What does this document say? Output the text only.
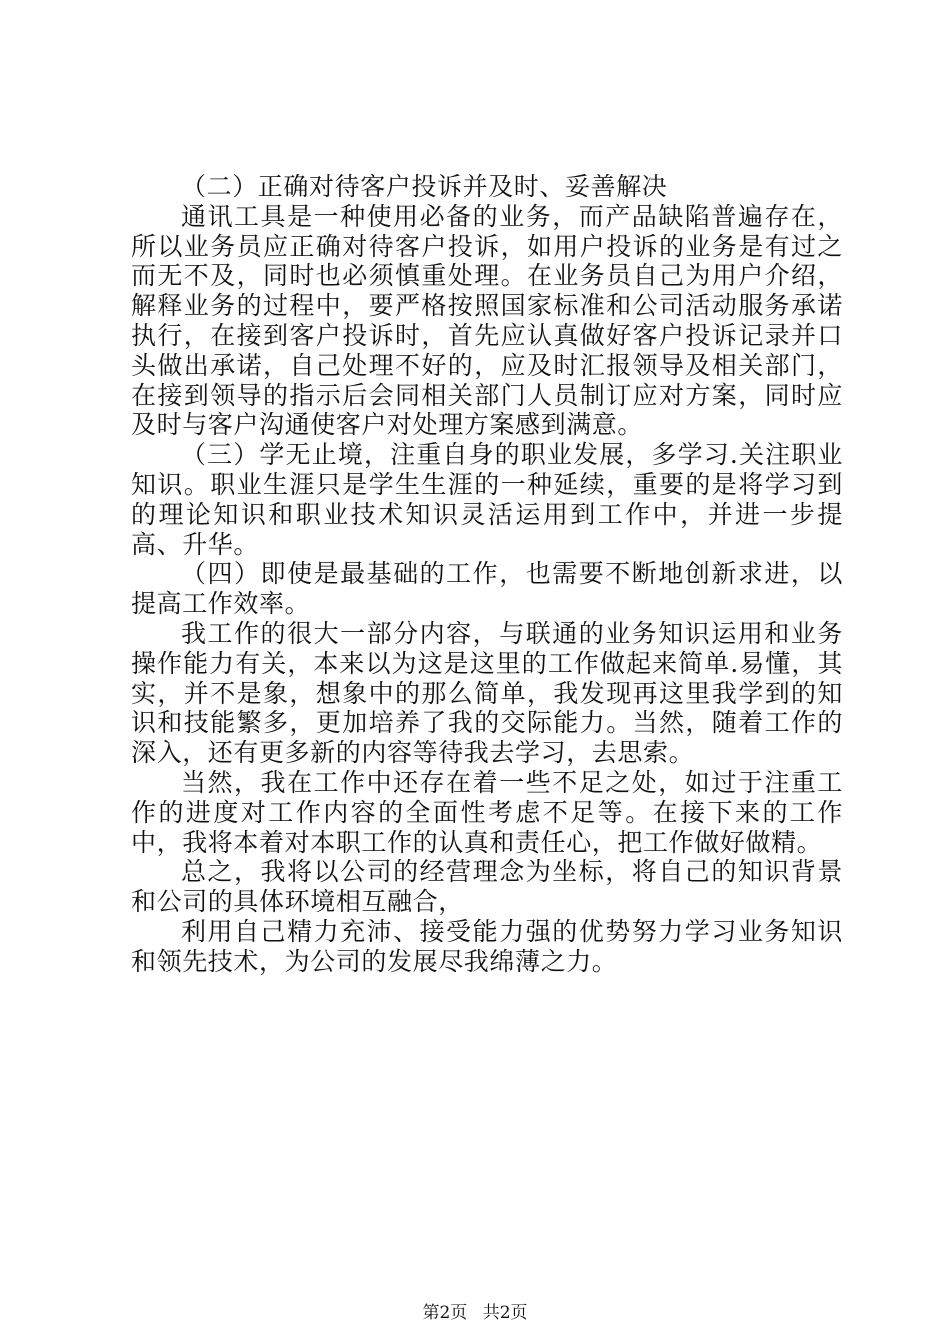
（二）正确对待客户投诉并及时、妥善解决

通讯工具是一种使用必备的业务，而产品缺陷普遍存在，所以业务员应正确对待客户投诉，如用户投诉的业务是有过之而无不及，同时也必须慎重处理。在业务员自己为用户介绍，解释业务的过程中，要严格按照国家标准和公司活动服务承诺执行，在接到客户投诉时，首先应认真做好客户投诉记录并口头做出承诺，自己处理不好的，应及时汇报领导及相关部门，在接到领导的指示后会同相关部门人员制订应对方案，同时应及时与客户沟通使客户对处理方案感到满意。

（三）学无止境，注重自身的职业发展，多学习.关注职业知识。职业生涯只是学生生涯的一种延续，重要的是将学习到的理论知识和职业技术知识灵活运用到工作中，并进一步提高、升华。

（四）即使是最基础的工作，也需要不断地创新求进，以提高工作效率。

我工作的很大一部分内容，与联通的业务知识运用和业务操作能力有关，本来以为这是这里的工作做起来简单.易懂，其实，并不是象，想象中的那么简单，我发现再这里我学到的知识和技能繁多，更加培养了我的交际能力。当然，随着工作的深入，还有更多新的内容等待我去学习，去思索。

当然，我在工作中还存在着一些不足之处，如过于注重工作的进度对工作内容的全面性考虑不足等。在接下来的工作中，我将本着对本职工作的认真和责任心，把工作做好做精。

总之，我将以公司的经营理念为坐标，将自己的知识背景和公司的具体环境相互融合，

利用自己精力充沛、接受能力强的优势努力学习业务知识和领先技术，为公司的发展尽我绵薄之力。

第2页 共2页
